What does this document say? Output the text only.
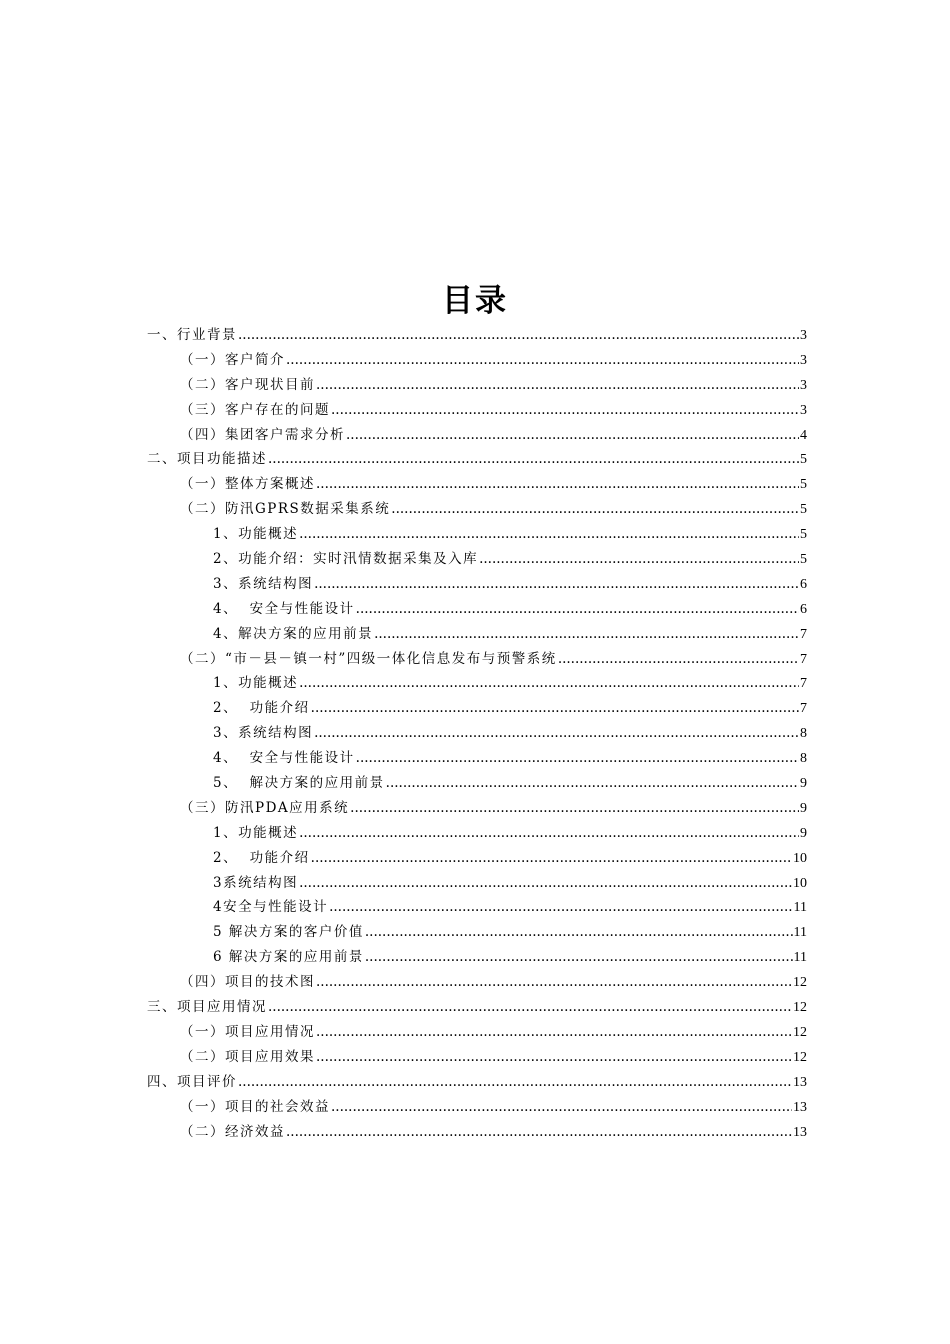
目录
一、行业背景 .....	3
（一）客户简介 .....	3
（二）客户现状目前 .....	3
（三）客户存在的问题 .....	3
（四）集团客户需求分析 .....	4
二、项目功能描述 .....	5
（一）整体方案概述 .....	5
（二）防汛GPRS数据采集系统 .....	5
1、功能概述 .....	5
2、功能介绍：实时汛情数据采集及入库 .....	5
3、系统结构图 .....	6
4、  安全与性能设计 .....	6
4、解决方案的应用前景 .....	7
（二）“市－县－镇一村”四级一体化信息发布与预警系统 .....	7
1、功能概述 .....	7
2、  功能介绍 .....	7
3、系统结构图 .....	8
4、  安全与性能设计 .....	8
5、  解决方案的应用前景 .....	9
（三）防汛PDA应用系统 .....	9
1、功能概述 .....	9
2、  功能介绍 .....	10
3系统结构图 .....	10
4安全与性能设计 .....	11
5 解决方案的客户价值 .....	11
6 解决方案的应用前景 .....	11
（四）项目的技术图 .....	12
三、项目应用情况 .....	12
（一）项目应用情况 .....	12
（二）项目应用效果 .....	12
四、项目评价 .....	13
（一）项目的社会效益 .....	13
（二）经济效益 .....	13
